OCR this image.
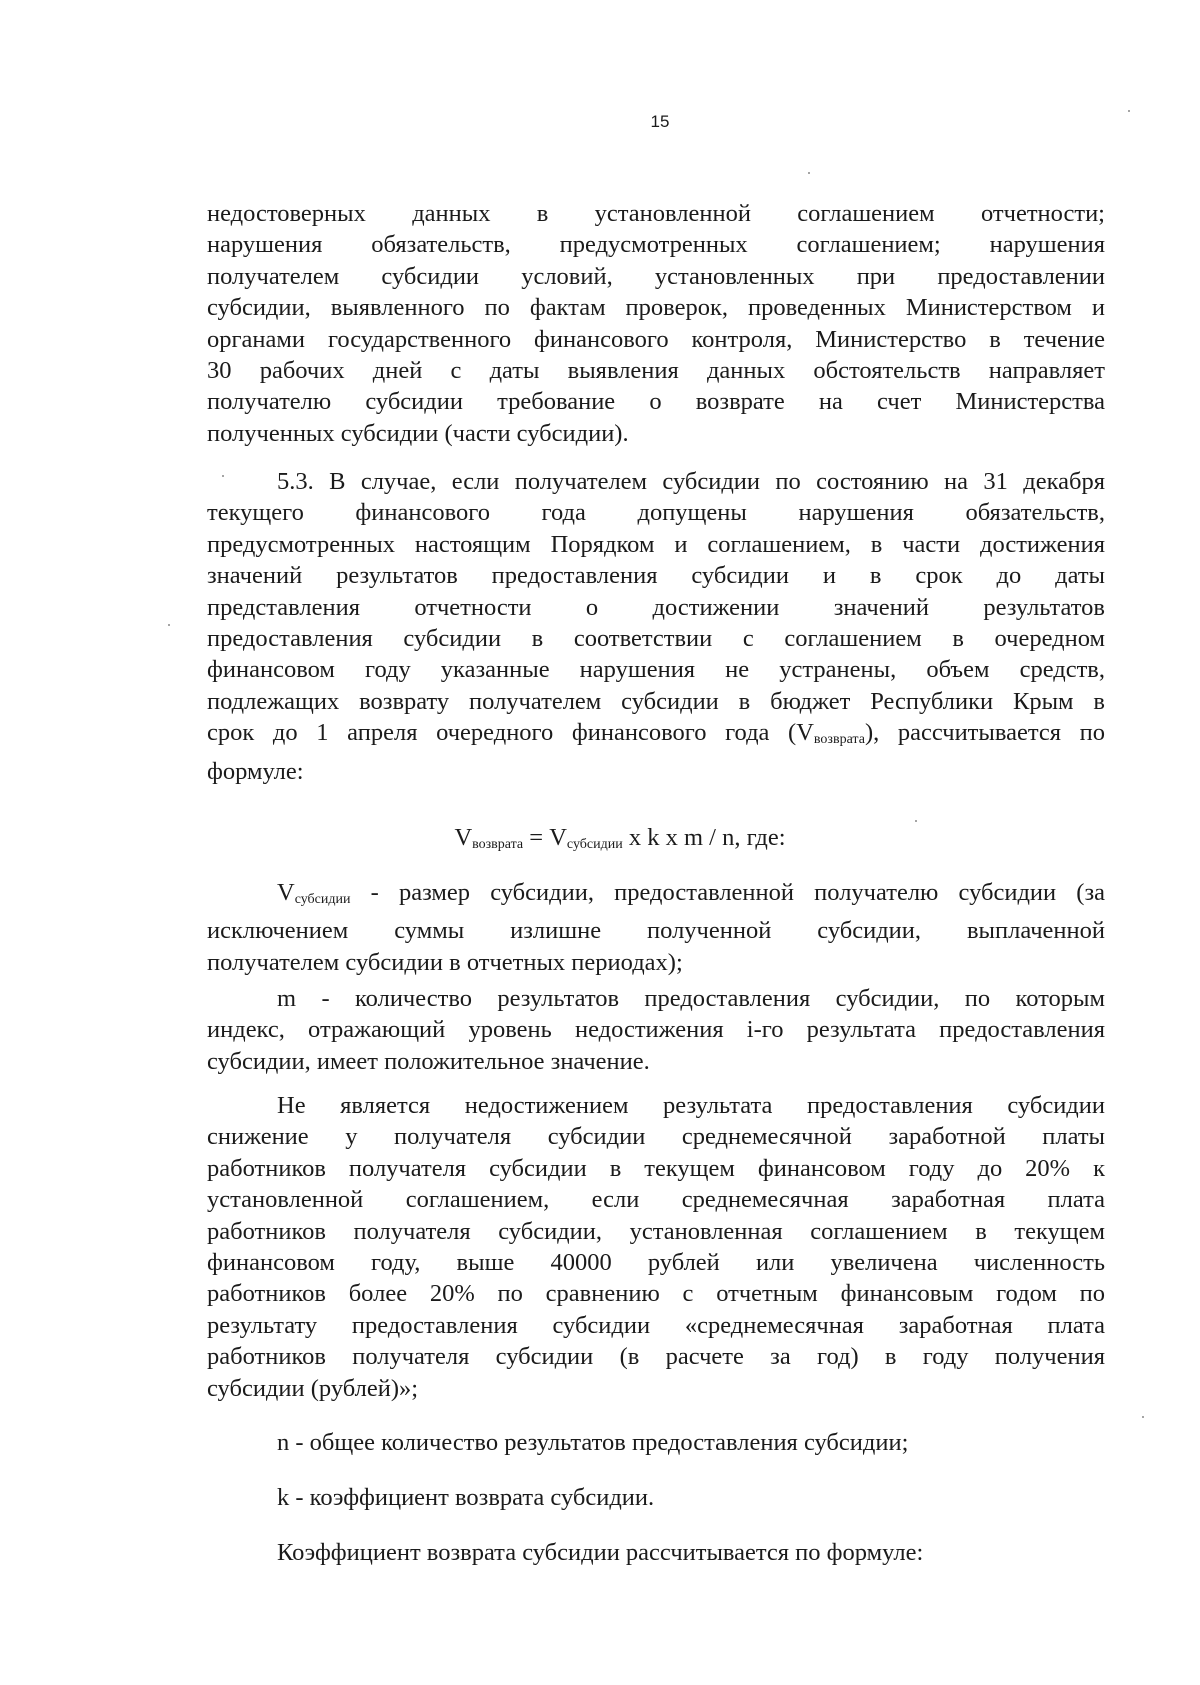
15
недостоверных данных в установленной соглашением отчетности;
нарушения обязательств, предусмотренных соглашением; нарушения
получателем субсидии условий, установленных при предоставлении
субсидии, выявленного по фактам проверок, проведенных Министерством и
органами государственного финансового контроля, Министерство в течение
30 рабочих дней с даты выявления данных обстоятельств направляет
получателю субсидии требование о возврате на счет Министерства
полученных субсидии (части субсидии).
5.3. В случае, если получателем субсидии по состоянию на 31 декабря
текущего финансового года допущены нарушения обязательств,
предусмотренных настоящим Порядком и соглашением, в части достижения
значений результатов предоставления субсидии и в срок до даты
представления отчетности о достижении значений результатов
предоставления субсидии в соответствии с соглашением в очередном
финансовом году указанные нарушения не устранены, объем средств,
подлежащих возврату получателем субсидии в бюджет Республики Крым в
срок до 1 апреля очередного финансового года $(V_{возврата})$, рассчитывается по
формуле:
$V_{возврата} = V_{субсидии}$ x k x m / n, где:
$V_{субсидии}$ - размер субсидии, предоставленной получателю субсидии (за
исключением суммы излишне полученной субсидии, выплаченной
получателем субсидии в отчетных периодах);
m - количество результатов предоставления субсидии, по которым
индекс, отражающий уровень недостижения i-го результата предоставления
субсидии, имеет положительное значение.
Не является недостижением результата предоставления субсидии
снижение у получателя субсидии среднемесячной заработной платы
работников получателя субсидии в текущем финансовом году до 20% к
установленной соглашением, если среднемесячная заработная плата
работников получателя субсидии, установленная соглашением в текущем
финансовом году, выше 40000 рублей или увеличена численность
работников более 20% по сравнению с отчетным финансовым годом по
результату предоставления субсидии «среднемесячная заработная плата
работников получателя субсидии (в расчете за год) в году получения
субсидии (рублей)»;
n - общее количество результатов предоставления субсидии;
k - коэффициент возврата субсидии.
Коэффициент возврата субсидии рассчитывается по формуле:
